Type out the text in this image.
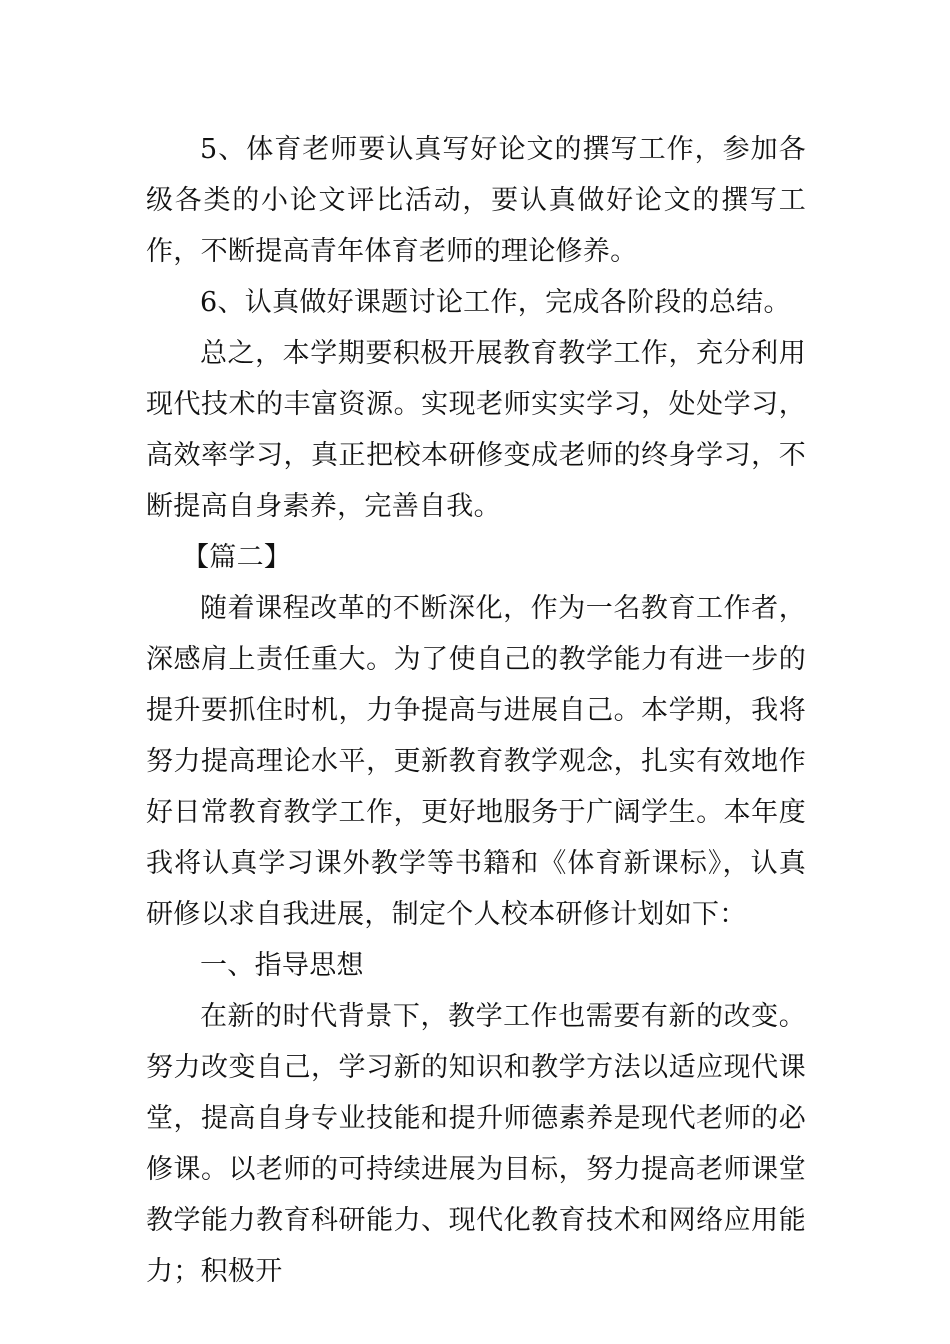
5、体育老师要认真写好论文的撰写工作，参加各级各类的小论文评比活动，要认真做好论文的撰写工作，不断提高青年体育老师的理论修养。

6、认真做好课题讨论工作，完成各阶段的总结。

总之，本学期要积极开展教育教学工作，充分利用现代技术的丰富资源。实现老师实实学习，处处学习，高效率学习，真正把校本研修变成老师的终身学习，不断提高自身素养，完善自我。

【篇二】

随着课程改革的不断深化，作为一名教育工作者，深感肩上责任重大。为了使自己的教学能力有进一步的提升要抓住时机，力争提高与进展自己。本学期，我将努力提高理论水平，更新教育教学观念，扎实有效地作好日常教育教学工作，更好地服务于广阔学生。本年度我将认真学习课外教学等书籍和《体育新课标》，认真研修以求自我进展，制定个人校本研修计划如下：

一、指导思想

在新的时代背景下，教学工作也需要有新的改变。努力改变自己，学习新的知识和教学方法以适应现代课堂，提高自身专业技能和提升师德素养是现代老师的必修课。以老师的可持续进展为目标，努力提高老师课堂教学能力教育科研能力、现代化教育技术和网络应用能力；积极开
